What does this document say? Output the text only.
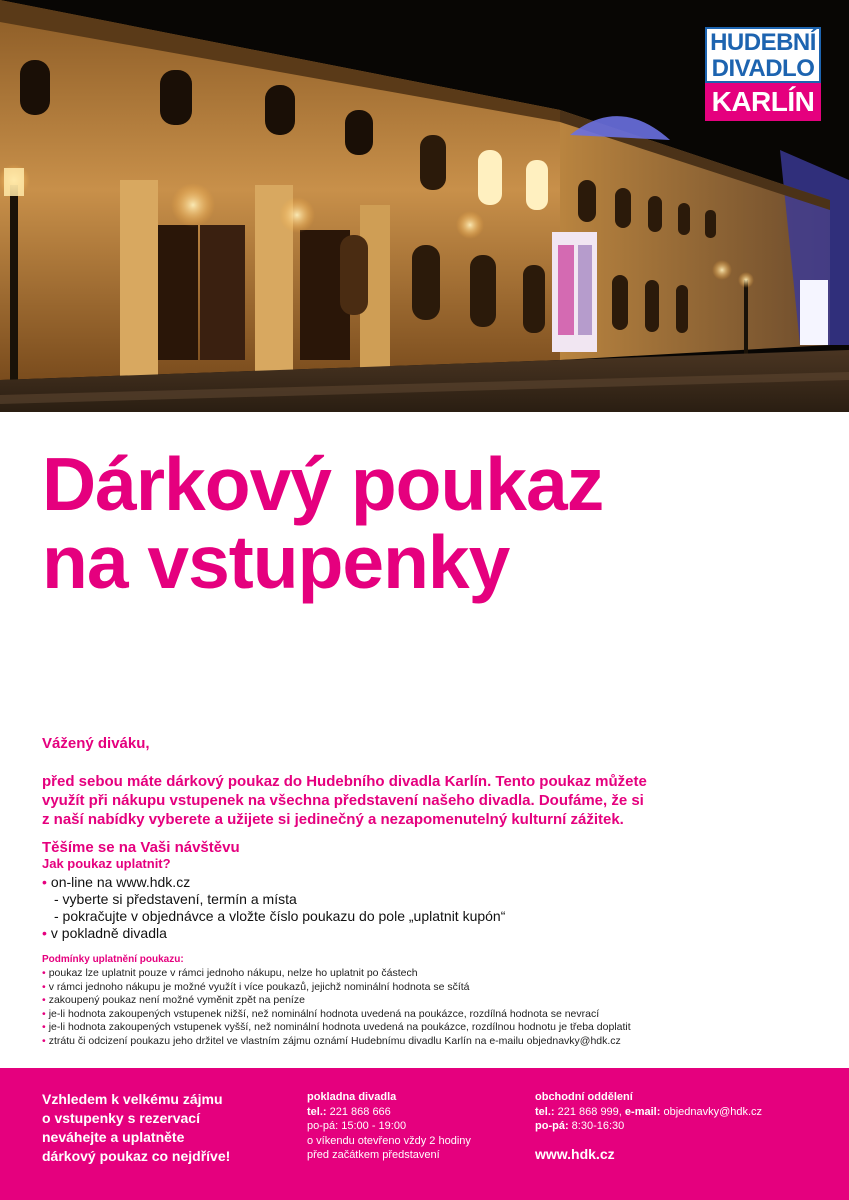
HUDEBNÍ
DIVADLO
KARLÍN
Dárkový poukaz
na vstupenky

Vážený diváku,

před sebou máte dárkový poukaz do Hudebního divadla Karlín. Tento poukaz můžete
využít při nákupu vstupenek na všechna představení našeho divadla. Doufáme, že si
z naší nabídky vyberete a užijete si jedinečný a nezapomenutelný kulturní zážitek.

Těšíme se na Vaši návštěvu

Jak poukaz uplatnit?
• on-line na www.hdk.cz
- vyberte si představení, termín a místa
- pokračujte v objednávce a vložte číslo poukazu do pole „uplatnit kupón“
• v pokladně divadla
Podmínky uplatnění poukazu:
• poukaz lze uplatnit pouze v rámci jednoho nákupu, nelze ho uplatnit po částech
• v rámci jednoho nákupu je možné využít i více poukazů, jejichž nominální hodnota se sčítá
• zakoupený poukaz není možné vyměnit zpět na peníze
• je-li hodnota zakoupených vstupenek nižší, než nominální hodnota uvedená na poukázce, rozdílná hodnota se nevrací
• je-li hodnota zakoupených vstupenek vyšší, než nominální hodnota uvedená na poukázce, rozdílnou hodnotu je třeba doplatit
• ztrátu či odcizení poukazu jeho držitel ve vlastním zájmu oznámí Hudebnímu divadlu Karlín na e-mailu objednavky@hdk.cz
Vzhledem k velkému zájmu
o vstupenky s rezervací
neváhejte a uplatněte
dárkový poukaz co nejdříve!
pokladna divadla
tel.: 221 868 666
po-pá: 15:00 - 19:00
o víkendu otevřeno vždy 2 hodiny
před začátkem představení
obchodní oddělení
tel.: 221 868 999, e-mail: objednavky@hdk.cz
po-pá: 8:30-16:30
www.hdk.cz
